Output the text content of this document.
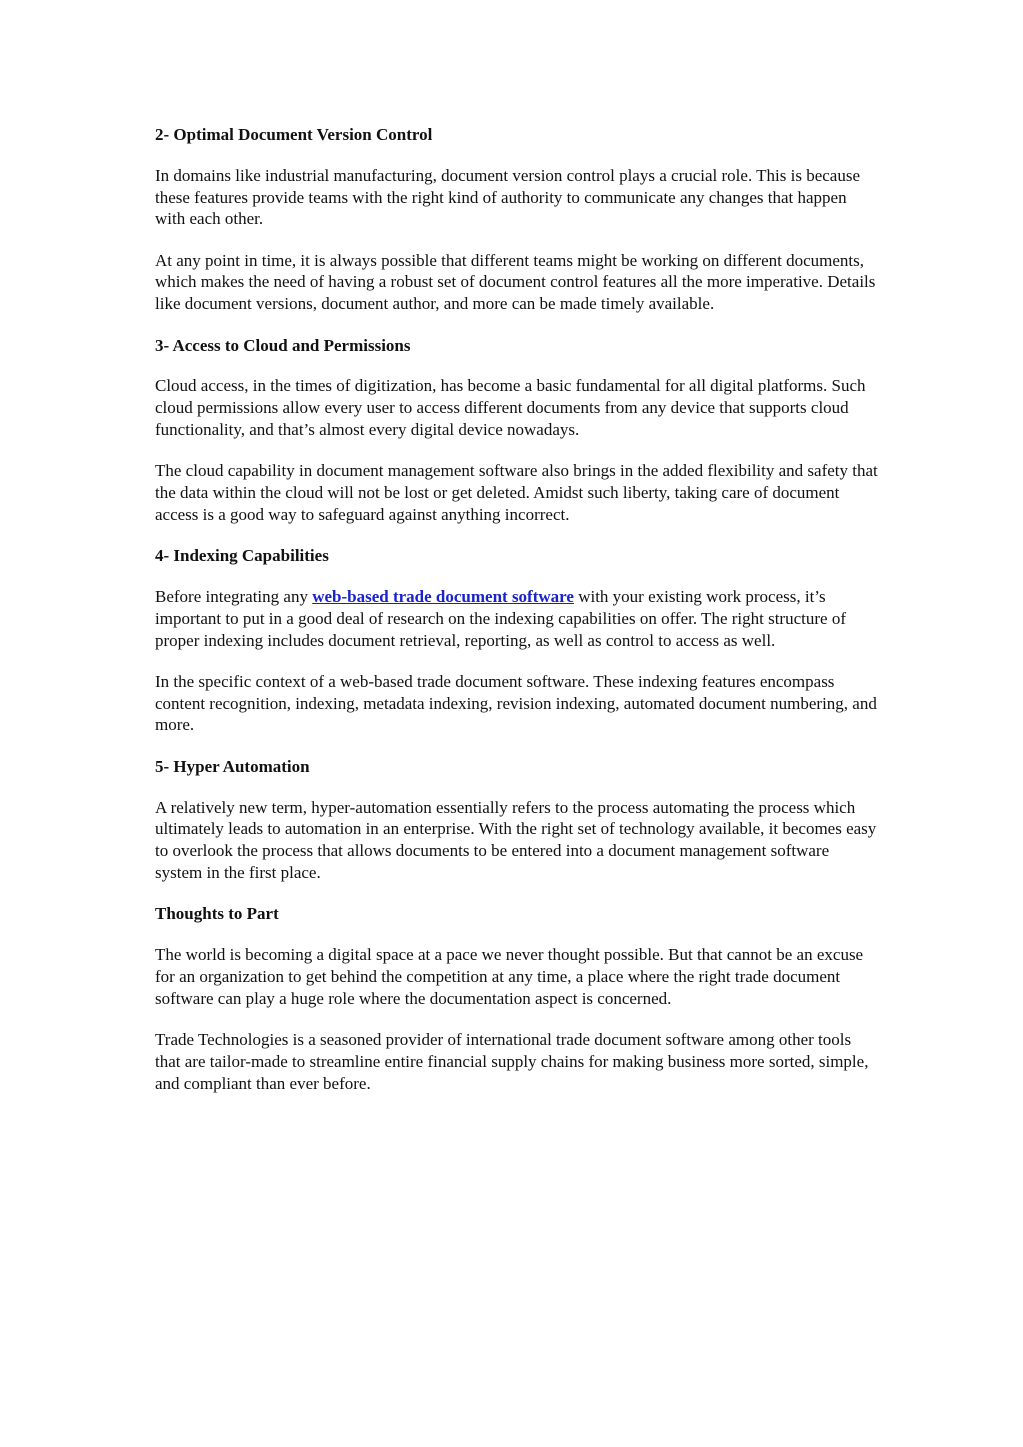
2- Optimal Document Version Control

In domains like industrial manufacturing, document version control plays a crucial role. This is because these features provide teams with the right kind of authority to communicate any changes that happen with each other.

At any point in time, it is always possible that different teams might be working on different documents, which makes the need of having a robust set of document control features all the more imperative. Details like document versions, document author, and more can be made timely available.

3- Access to Cloud and Permissions

Cloud access, in the times of digitization, has become a basic fundamental for all digital platforms. Such cloud permissions allow every user to access different documents from any device that supports cloud functionality, and that’s almost every digital device nowadays.

The cloud capability in document management software also brings in the added flexibility and safety that the data within the cloud will not be lost or get deleted. Amidst such liberty, taking care of document access is a good way to safeguard against anything incorrect.

4- Indexing Capabilities

Before integrating any web-based trade document software with your existing work process, it’s important to put in a good deal of research on the indexing capabilities on offer. The right structure of proper indexing includes document retrieval, reporting, as well as control to access as well.

In the specific context of a web-based trade document software. These indexing features encompass content recognition, indexing, metadata indexing, revision indexing, automated document numbering, and more.

5- Hyper Automation

A relatively new term, hyper-automation essentially refers to the process automating the process which ultimately leads to automation in an enterprise. With the right set of technology available, it becomes easy to overlook the process that allows documents to be entered into a document management software system in the first place.

Thoughts to Part

The world is becoming a digital space at a pace we never thought possible. But that cannot be an excuse for an organization to get behind the competition at any time, a place where the right trade document software can play a huge role where the documentation aspect is concerned.

Trade Technologies is a seasoned provider of international trade document software among other tools that are tailor-made to streamline entire financial supply chains for making business more sorted, simple, and compliant than ever before.
